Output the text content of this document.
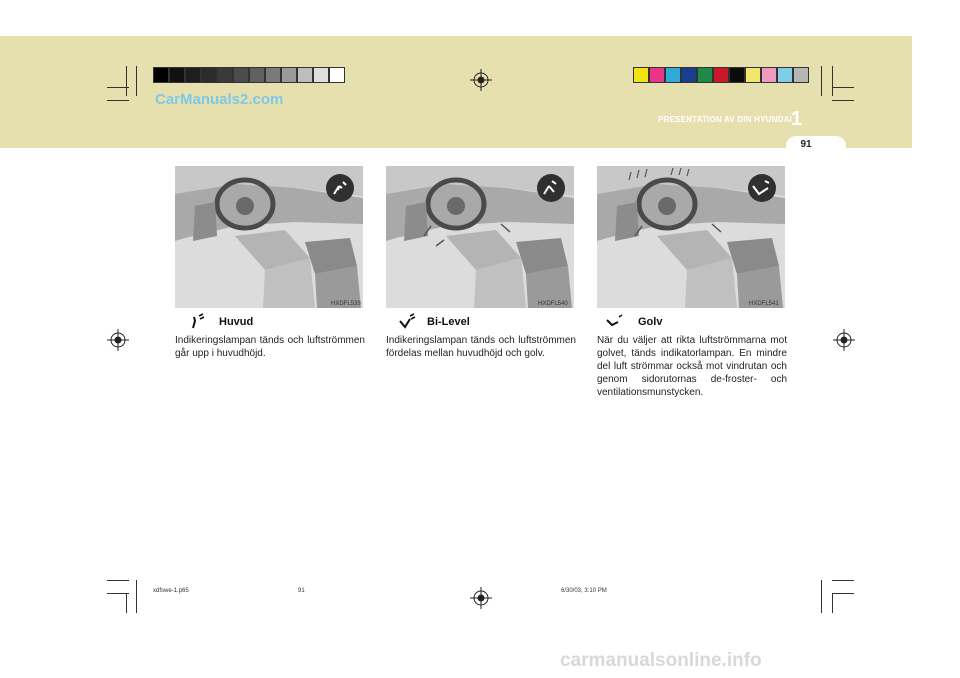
91
1
PRESENTATION AV DIN HYUNDAI
CarManuals2.com
HXDFL539
Huvud
Indikeringslampan tänds och luftströmmen går upp i huvudhöjd.
HXDFL540
Bi-Level
Indikeringslampan tänds och luftströmmen fördelas mellan huvudhöjd och golv.
HXDFL541
Golv
När du väljer att rikta luftströmmarna mot golvet, tänds indikatorlampan. En mindre del luft strömmar också mot vindrutan och genom sidorutornas de-froster- och ventilationsmunstycken.
xdfswe-1.p65	91	6/30/03, 3:10 PM
carmanualsonline.info
